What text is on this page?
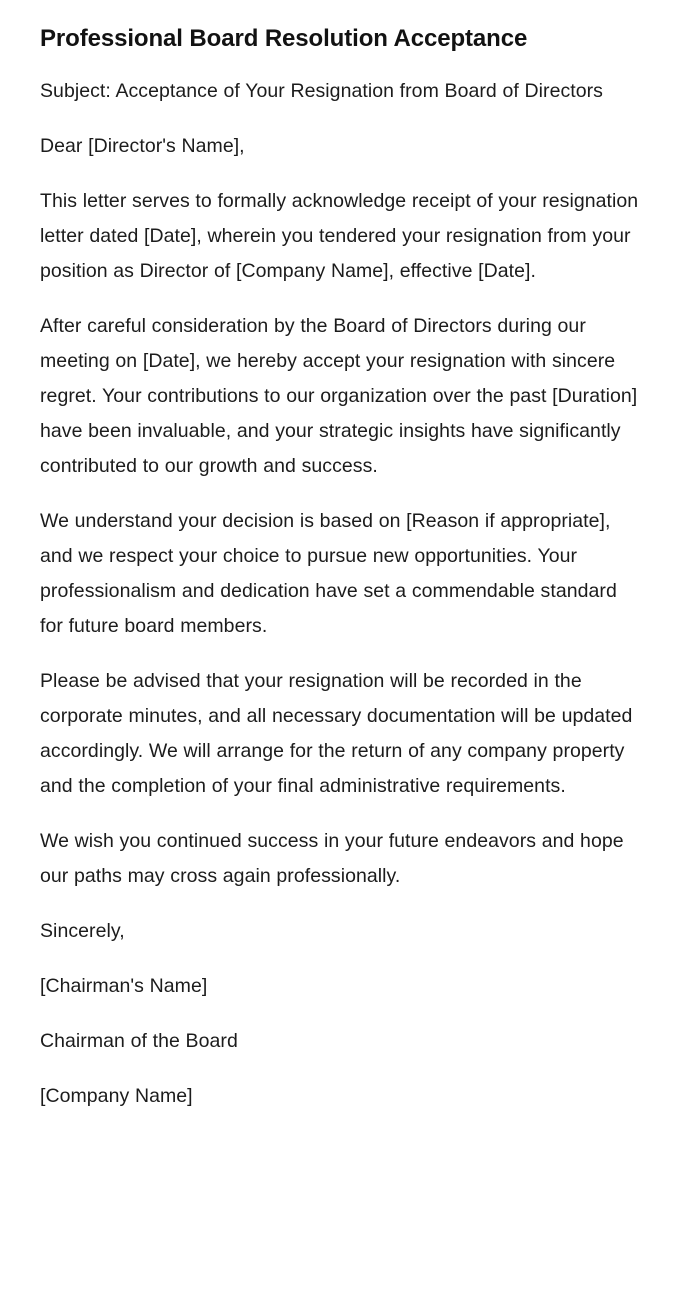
Professional Board Resolution Acceptance

Subject: Acceptance of Your Resignation from Board of Directors

Dear [Director's Name],

This letter serves to formally acknowledge receipt of your resignation letter dated [Date], wherein you tendered your resignation from your position as Director of [Company Name], effective [Date].

After careful consideration by the Board of Directors during our meeting on [Date], we hereby accept your resignation with sincere regret. Your contributions to our organization over the past [Duration] have been invaluable, and your strategic insights have significantly contributed to our growth and success.

We understand your decision is based on [Reason if appropriate], and we respect your choice to pursue new opportunities. Your professionalism and dedication have set a commendable standard for future board members.

Please be advised that your resignation will be recorded in the corporate minutes, and all necessary documentation will be updated accordingly. We will arrange for the return of any company property and the completion of your final administrative requirements.

We wish you continued success in your future endeavors and hope our paths may cross again professionally.

Sincerely,

[Chairman's Name]

Chairman of the Board

[Company Name]
